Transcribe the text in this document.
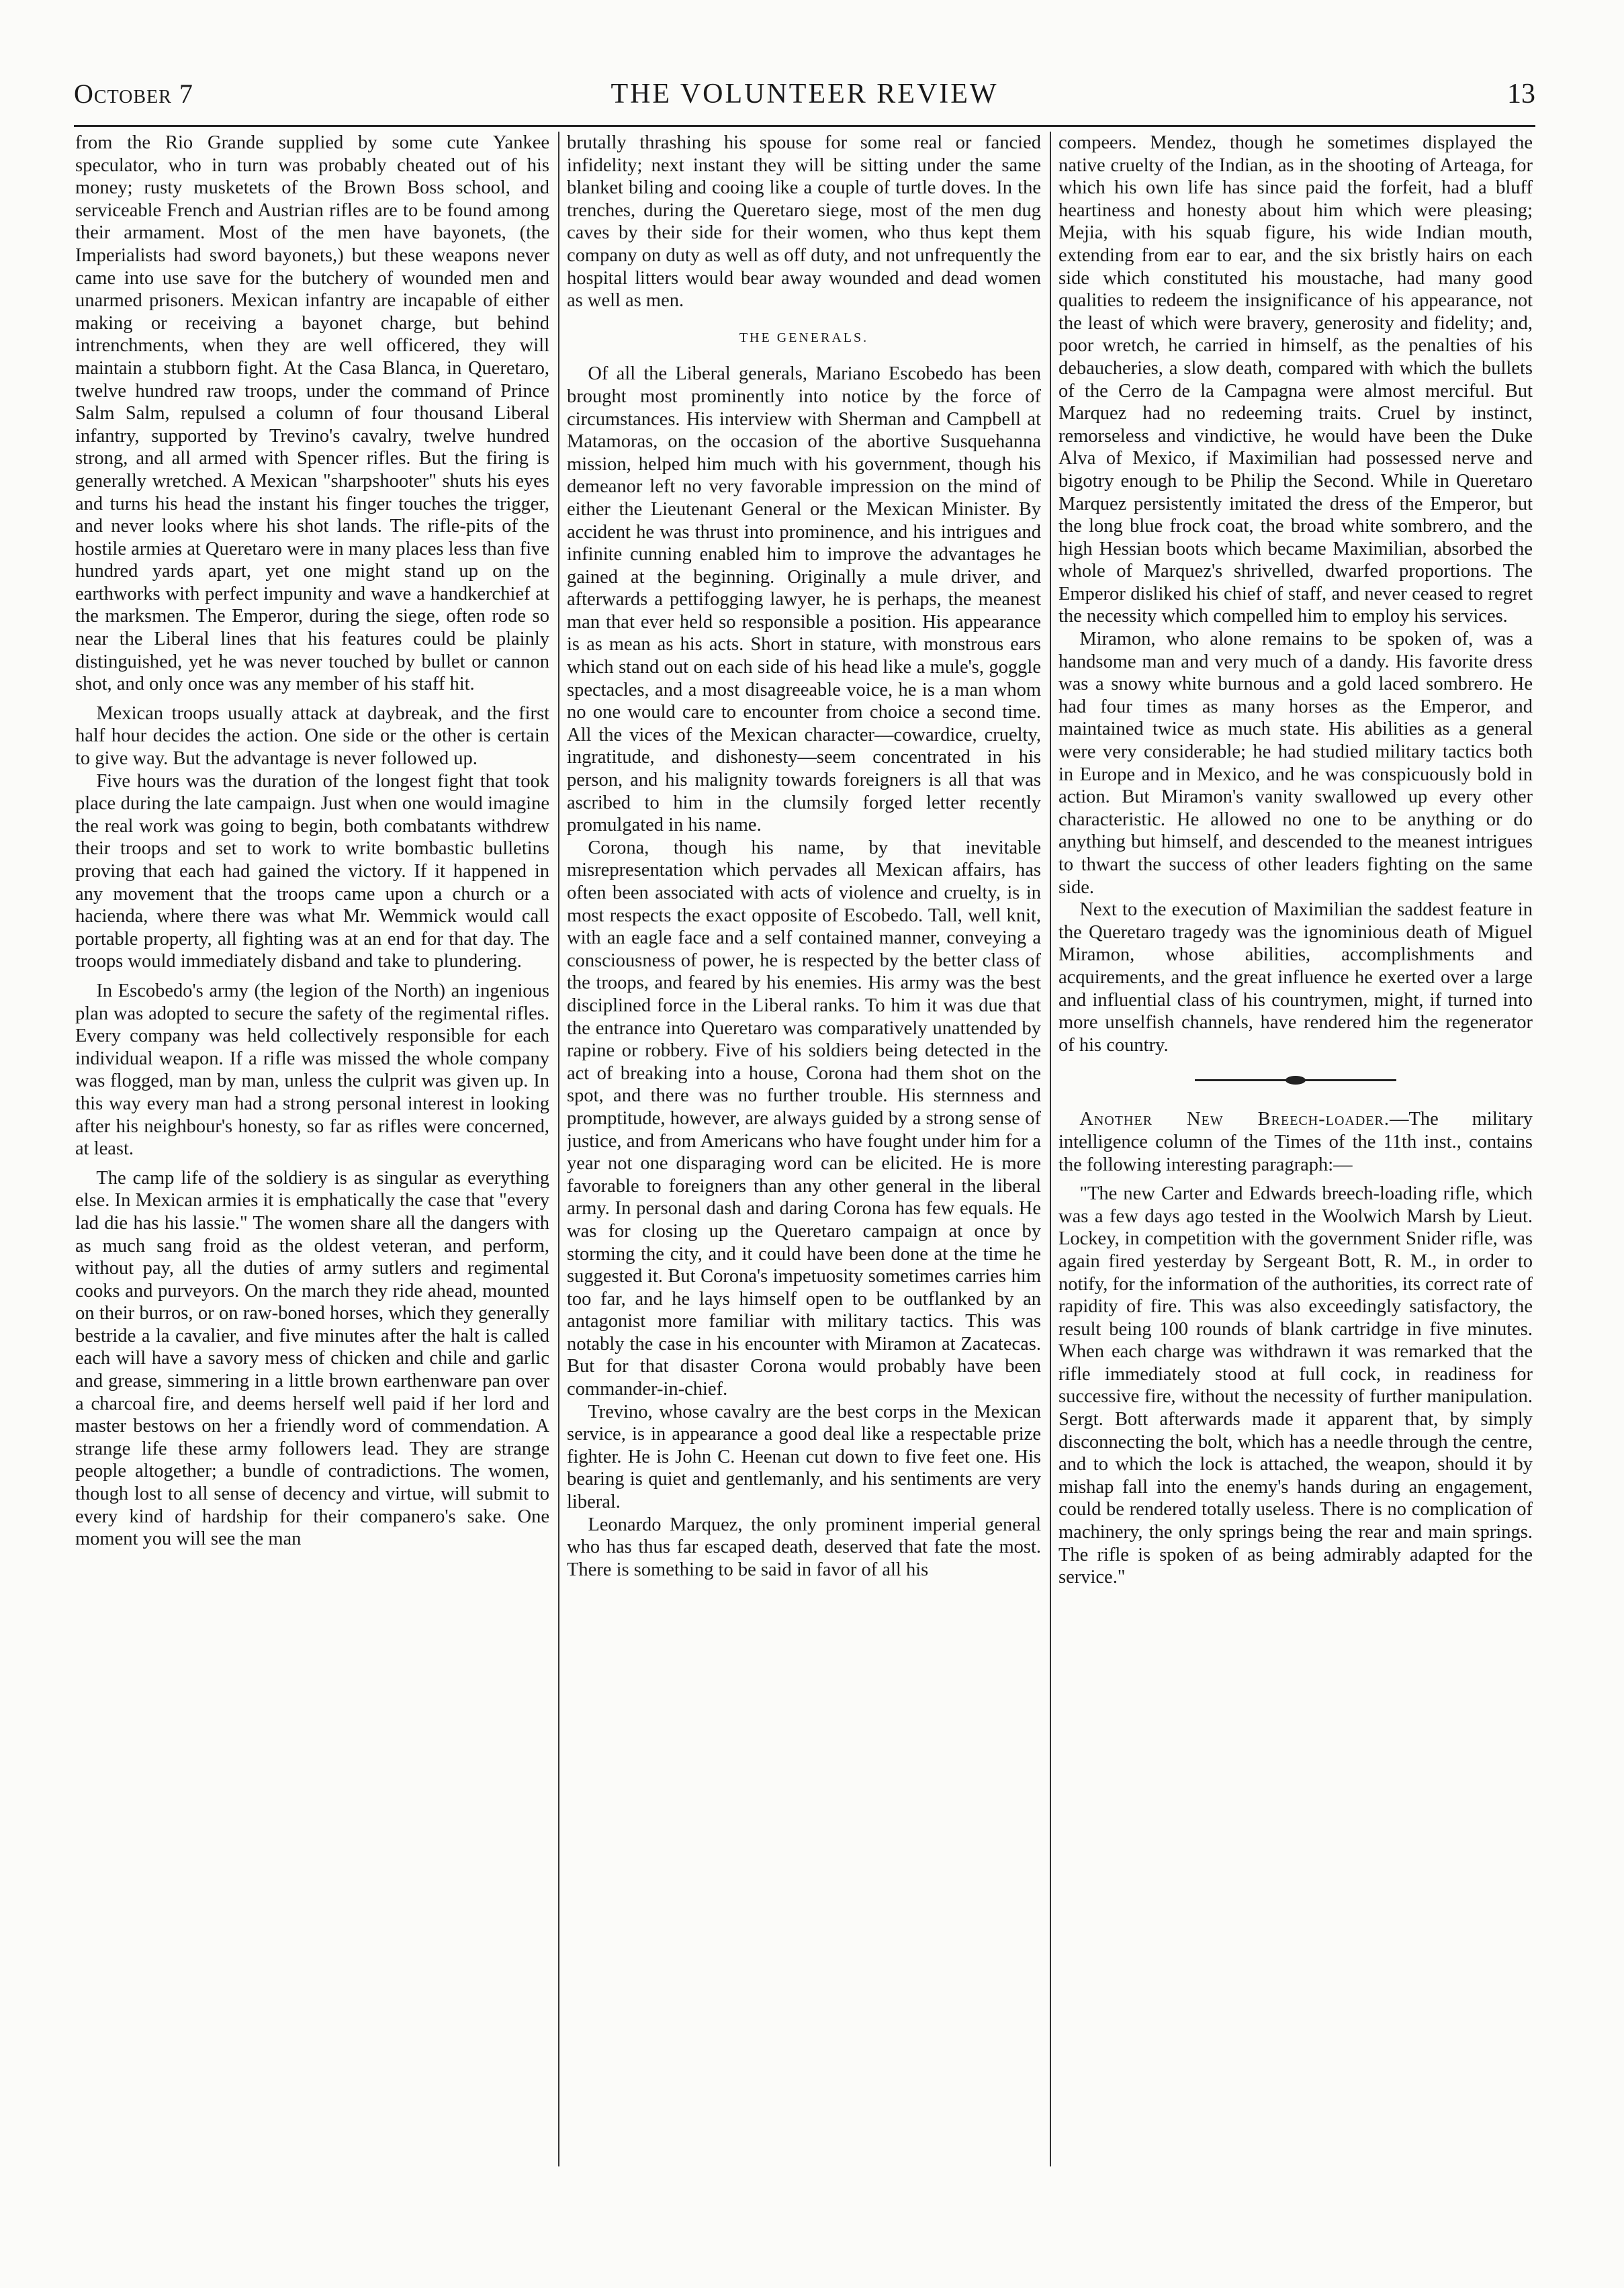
October 7	THE VOLUNTEER REVIEW	13

from the Rio Grande supplied by some cute Yankee speculator, who in turn was probably cheated out of his money; rusty musketets of the Brown Boss school, and serviceable French and Austrian rifles are to be found among their armament. Most of the men have bayonets, (the Imperialists had sword bayonets,) but these weapons never came into use save for the butchery of wounded men and unarmed prisoners. Mexican infantry are incapable of either making or receiving a bayonet charge, but behind intrenchments, when they are well officered, they will maintain a stubborn fight. At the Casa Blanca, in Queretaro, twelve hundred raw troops, under the command of Prince Salm Salm, repulsed a column of four thousand Liberal infantry, supported by Trevino's cavalry, twelve hundred strong, and all armed with Spencer rifles. But the firing is generally wretched. A Mexican "sharpshooter" shuts his eyes and turns his head the instant his finger touches the trigger, and never looks where his shot lands. The rifle-pits of the hostile armies at Queretaro were in many places less than five hundred yards apart, yet one might stand up on the earthworks with perfect impunity and wave a handkerchief at the marksmen. The Emperor, during the siege, often rode so near the Liberal lines that his features could be plainly distinguished, yet he was never touched by bullet or cannon shot, and only once was any member of his staff hit.

Mexican troops usually attack at daybreak, and the first half hour decides the action. One side or the other is certain to give way. But the advantage is never followed up.

Five hours was the duration of the longest fight that took place during the late campaign. Just when one would imagine the real work was going to begin, both combatants withdrew their troops and set to work to write bombastic bulletins proving that each had gained the victory. If it happened in any movement that the troops came upon a church or a hacienda, where there was what Mr. Wemmick would call portable property, all fighting was at an end for that day. The troops would immediately disband and take to plundering.

In Escobedo's army (the legion of the North) an ingenious plan was adopted to secure the safety of the regimental rifles. Every company was held collectively responsible for each individual weapon. If a rifle was missed the whole company was flogged, man by man, unless the culprit was given up. In this way every man had a strong personal interest in looking after his neighbour's honesty, so far as rifles were concerned, at least.

The camp life of the soldiery is as singular as everything else. In Mexican armies it is emphatically the case that "every lad die has his lassie." The women share all the dangers with as much sang froid as the oldest veteran, and perform, without pay, all the duties of army sutlers and regimental cooks and purveyors. On the march they ride ahead, mounted on their burros, or on raw-boned horses, which they generally bestride a la cavalier, and five minutes after the halt is called each will have a savory mess of chicken and chile and garlic and grease, simmering in a little brown earthenware pan over a charcoal fire, and deems herself well paid if her lord and master bestows on her a friendly word of commendation. A strange life these army followers lead. They are strange people altogether; a bundle of contradictions. The women, though lost to all sense of decency and virtue, will submit to every kind of hardship for their companero's sake. One moment you will see the man

brutally thrashing his spouse for some real or fancied infidelity; next instant they will be sitting under the same blanket biling and cooing like a couple of turtle doves. In the trenches, during the Queretaro siege, most of the men dug caves by their side for their women, who thus kept them company on duty as well as off duty, and not unfrequently the hospital litters would bear away wounded and dead women as well as men.

THE GENERALS.

Of all the Liberal generals, Mariano Escobedo has been brought most prominently into notice by the force of circumstances. His interview with Sherman and Campbell at Matamoras, on the occasion of the abortive Susquehanna mission, helped him much with his government, though his demeanor left no very favorable impression on the mind of either the Lieutenant General or the Mexican Minister. By accident he was thrust into prominence, and his intrigues and infinite cunning enabled him to improve the advantages he gained at the beginning. Originally a mule driver, and afterwards a pettifogging lawyer, he is perhaps, the meanest man that ever held so responsible a position. His appearance is as mean as his acts. Short in stature, with monstrous ears which stand out on each side of his head like a mule's, goggle spectacles, and a most disagreeable voice, he is a man whom no one would care to encounter from choice a second time. All the vices of the Mexican character—cowardice, cruelty, ingratitude, and dishonesty—seem concentrated in his person, and his malignity towards foreigners is all that was ascribed to him in the clumsily forged letter recently promulgated in his name.

Corona, though his name, by that inevitable misrepresentation which pervades all Mexican affairs, has often been associated with acts of violence and cruelty, is in most respects the exact opposite of Escobedo. Tall, well knit, with an eagle face and a self contained manner, conveying a consciousness of power, he is respected by the better class of the troops, and feared by his enemies. His army was the best disciplined force in the Liberal ranks. To him it was due that the entrance into Queretaro was comparatively unattended by rapine or robbery. Five of his soldiers being detected in the act of breaking into a house, Corona had them shot on the spot, and there was no further trouble. His sternness and promptitude, however, are always guided by a strong sense of justice, and from Americans who have fought under him for a year not one disparaging word can be elicited. He is more favorable to foreigners than any other general in the liberal army. In personal dash and daring Corona has few equals. He was for closing up the Queretaro campaign at once by storming the city, and it could have been done at the time he suggested it. But Corona's impetuosity sometimes carries him too far, and he lays himself open to be outflanked by an antagonist more familiar with military tactics. This was notably the case in his encounter with Miramon at Zacatecas. But for that disaster Corona would probably have been commander-in-chief.

Trevino, whose cavalry are the best corps in the Mexican service, is in appearance a good deal like a respectable prize fighter. He is John C. Heenan cut down to five feet one. His bearing is quiet and gentlemanly, and his sentiments are very liberal.

Leonardo Marquez, the only prominent imperial general who has thus far escaped death, deserved that fate the most. There is something to be said in favor of all his

compeers. Mendez, though he sometimes displayed the native cruelty of the Indian, as in the shooting of Arteaga, for which his own life has since paid the forfeit, had a bluff heartiness and honesty about him which were pleasing; Mejia, with his squab figure, his wide Indian mouth, extending from ear to ear, and the six bristly hairs on each side which constituted his moustache, had many good qualities to redeem the insignificance of his appearance, not the least of which were bravery, generosity and fidelity; and, poor wretch, he carried in himself, as the penalties of his debaucheries, a slow death, compared with which the bullets of the Cerro de la Campagna were almost merciful. But Marquez had no redeeming traits. Cruel by instinct, remorseless and vindictive, he would have been the Duke Alva of Mexico, if Maximilian had possessed nerve and bigotry enough to be Philip the Second. While in Queretaro Marquez persistently imitated the dress of the Emperor, but the long blue frock coat, the broad white sombrero, and the high Hessian boots which became Maximilian, absorbed the whole of Marquez's shrivelled, dwarfed proportions. The Emperor disliked his chief of staff, and never ceased to regret the necessity which compelled him to employ his services.

Miramon, who alone remains to be spoken of, was a handsome man and very much of a dandy. His favorite dress was a snowy white burnous and a gold laced sombrero. He had four times as many horses as the Emperor, and maintained twice as much state. His abilities as a general were very considerable; he had studied military tactics both in Europe and in Mexico, and he was conspicuously bold in action. But Miramon's vanity swallowed up every other characteristic. He allowed no one to be anything or do anything but himself, and descended to the meanest intrigues to thwart the success of other leaders fighting on the same side.

Next to the execution of Maximilian the saddest feature in the Queretaro tragedy was the ignominious death of Miguel Miramon, whose abilities, accomplishments and acquirements, and the great influence he exerted over a large and influential class of his countrymen, might, if turned into more unselfish channels, have rendered him the regenerator of his country.

Another New Breech-loader.—The military intelligence column of the Times of the 11th inst., contains the following interesting paragraph:—

"The new Carter and Edwards breech-loading rifle, which was a few days ago tested in the Woolwich Marsh by Lieut. Lockey, in competition with the government Snider rifle, was again fired yesterday by Sergeant Bott, R. M., in order to notify, for the information of the authorities, its correct rate of rapidity of fire. This was also exceedingly satisfactory, the result being 100 rounds of blank cartridge in five minutes. When each charge was withdrawn it was remarked that the rifle immediately stood at full cock, in readiness for successive fire, without the necessity of further manipulation. Sergt. Bott afterwards made it apparent that, by simply disconnecting the bolt, which has a needle through the centre, and to which the lock is attached, the weapon, should it by mishap fall into the enemy's hands during an engagement, could be rendered totally useless. There is no complication of machinery, the only springs being the rear and main springs. The rifle is spoken of as being admirably adapted for the service."
